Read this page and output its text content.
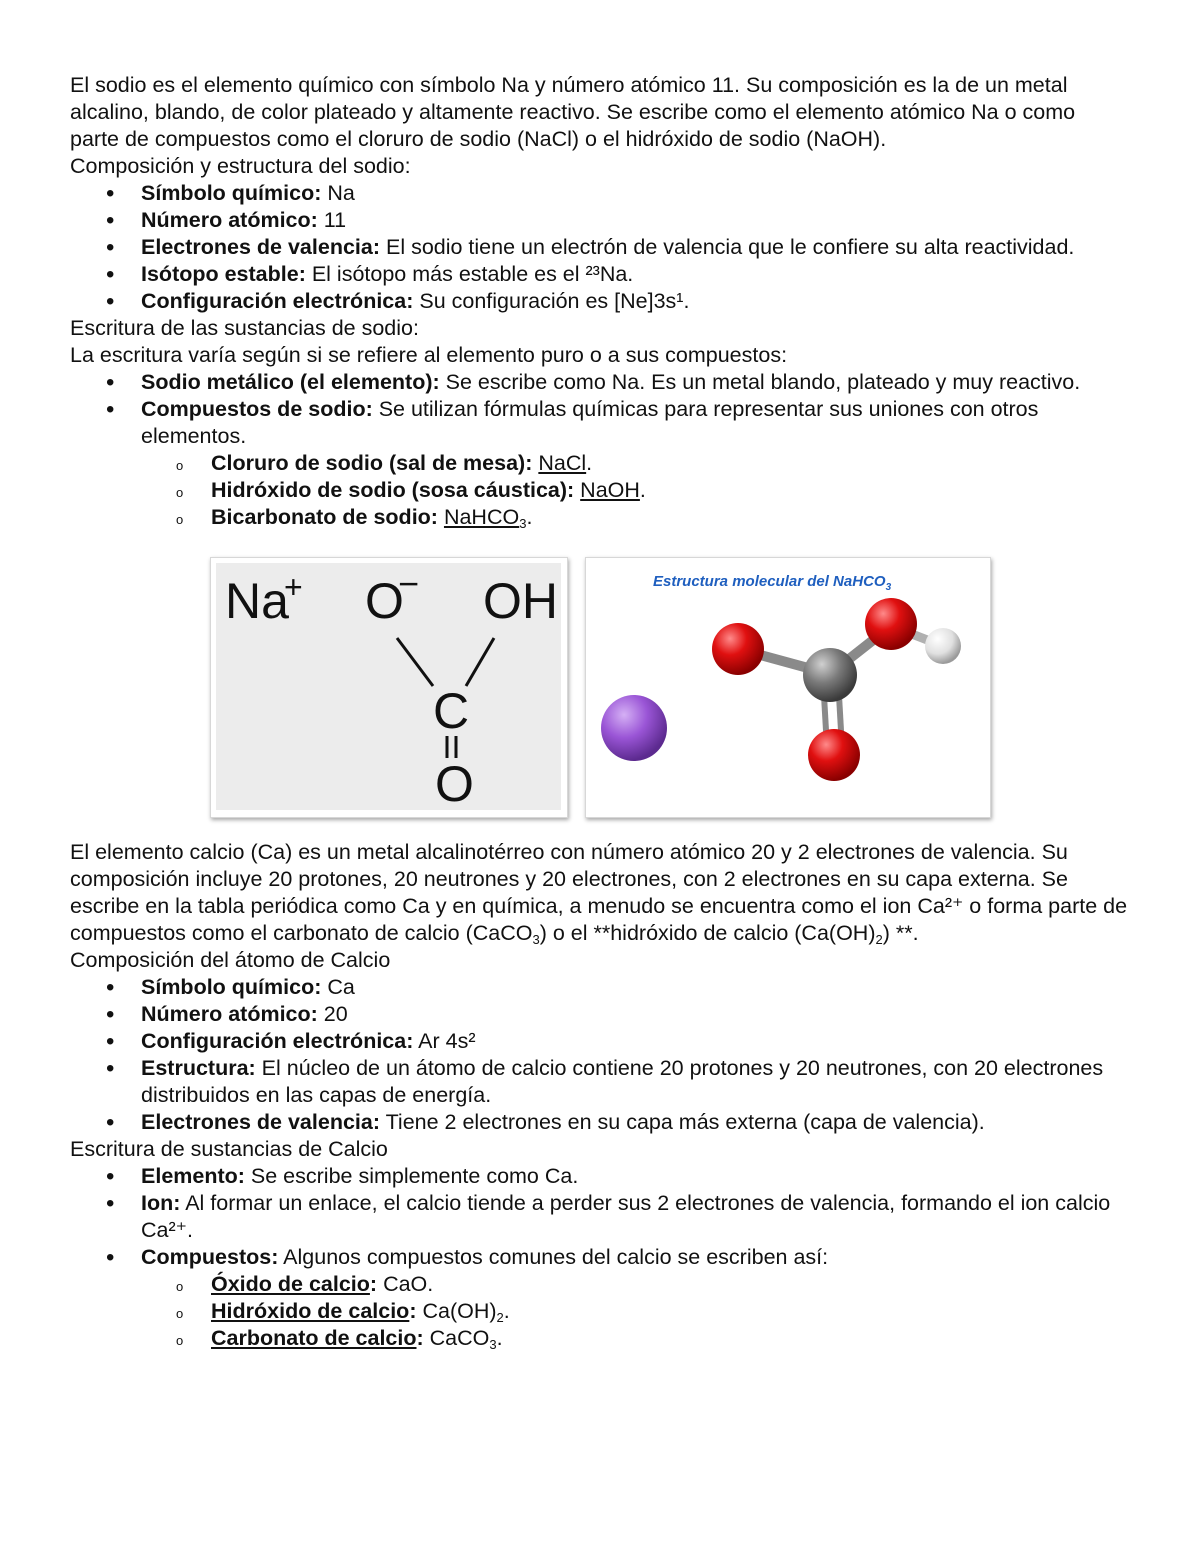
El sodio es el elemento químico con símbolo Na y número atómico 11. Su composición es la de un metal alcalino, blando, de color plateado y altamente reactivo. Se escribe como el elemento atómico Na o como parte de compuestos como el cloruro de sodio (NaCl) o el hidróxido de sodio (NaOH).

Composición y estructura del sodio:

• Símbolo químico: Na
• Número atómico: 11
• Electrones de valencia: El sodio tiene un electrón de valencia que le confiere su alta reactividad.
• Isótopo estable: El isótopo más estable es el ²³Na.
• Configuración electrónica: Su configuración es [Ne]3s¹.

Escritura de las sustancias de sodio:

La escritura varía según si se refiere al elemento puro o a sus compuestos:

• Sodio metálico (el elemento): Se escribe como Na. Es un metal blando, plateado y muy reactivo.
• Compuestos de sodio: Se utilizan fórmulas químicas para representar sus uniones con otros elementos.
o Cloruro de sodio (sal de mesa): NaCl.
o Hidróxido de sodio (sosa cáustica): NaOH.
o Bicarbonato de sodio: NaHCO$_3$.
Na
+ O
− OH
C
O
Estructura molecular del NaHCO$_3$

El elemento calcio (Ca) es un metal alcalinotérreo con número atómico 20 y 2 electrones de valencia. Su composición incluye 20 protones, 20 neutrones y 20 electrones, con 2 electrones en su capa externa. Se escribe en la tabla periódica como Ca y en química, a menudo se encuentra como el ion Ca²⁺ o forma parte de compuestos como el carbonato de calcio (CaCO$_3$) o el **hidróxido de calcio $(Ca(OH)_2)$ **.

Composición del átomo de Calcio

• Símbolo químico: Ca
• Número atómico: 20
• Configuración electrónica: Ar 4s²
• Estructura: El núcleo de un átomo de calcio contiene 20 protones y 20 neutrones, con 20 electrones distribuidos en las capas de energía.
• Electrones de valencia: Tiene 2 electrones en su capa más externa (capa de valencia).

Escritura de sustancias de Calcio

• Elemento: Se escribe simplemente como Ca.
• Ion: Al formar un enlace, el calcio tiende a perder sus 2 electrones de valencia, formando el ion calcio Ca²⁺.
• Compuestos: Algunos compuestos comunes del calcio se escriben así:
o Óxido de calcio: CaO.
o Hidróxido de calcio: $Ca(OH)_2$.
o Carbonato de calcio: CaCO$_3$.
